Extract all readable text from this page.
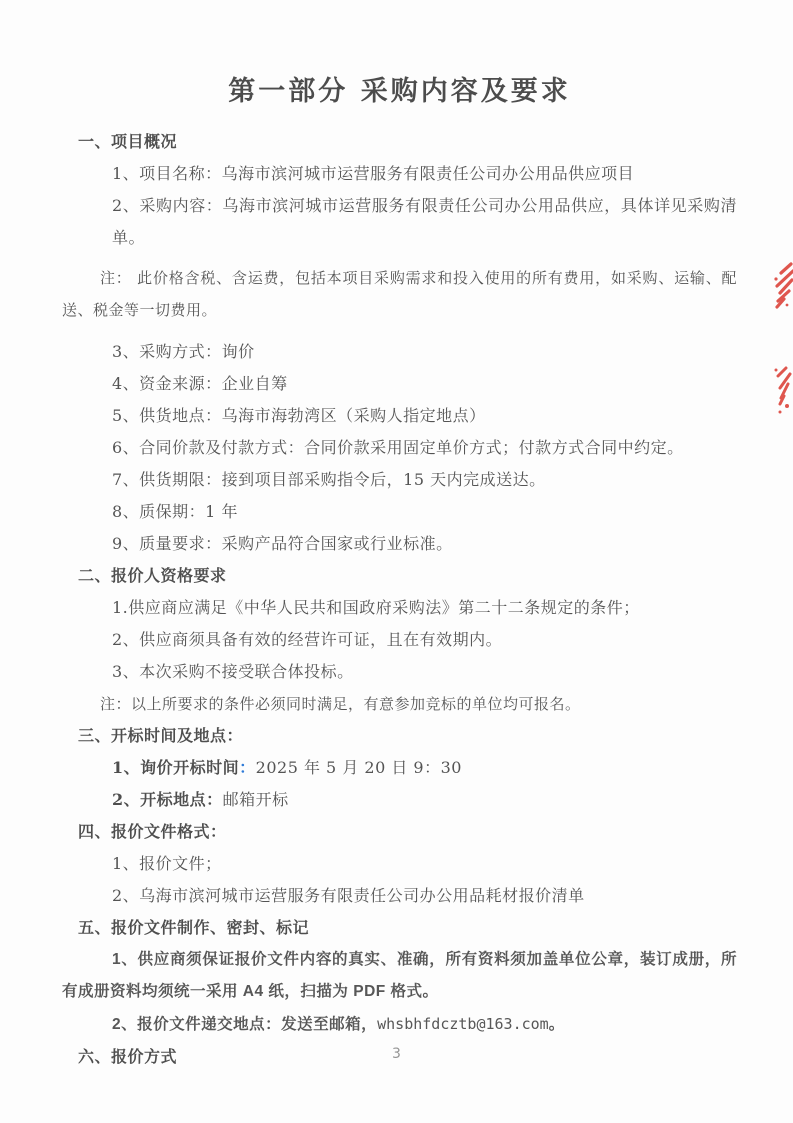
第一部分 采购内容及要求

一、项目概况

1、项目名称：乌海市滨河城市运营服务有限责任公司办公用品供应项目

2、采购内容：乌海市滨河城市运营服务有限责任公司办公用品供应，具体详见采购清单。

注： 此价格含税、含运费，包括本项目采购需求和投入使用的所有费用，如采购、运输、配送、税金等一切费用。

3、采购方式：询价

4、资金来源：企业自筹

5、供货地点：乌海市海勃湾区（采购人指定地点）

6、合同价款及付款方式：合同价款采用固定单价方式；付款方式合同中约定。

7、供货期限：接到项目部采购指令后，15 天内完成送达。

8、质保期：1 年

9、质量要求：采购产品符合国家或行业标准。

二、报价人资格要求

1.供应商应满足《中华人民共和国政府采购法》第二十二条规定的条件；

2、供应商须具备有效的经营许可证，且在有效期内。

3、本次采购不接受联合体投标。

注：以上所要求的条件必须同时满足，有意参加竞标的单位均可报名。

三、开标时间及地点：

1、询价开标时间：2025 年 5 月 20 日 9：30

2、开标地点：邮箱开标

四、报价文件格式：

1、报价文件；

2、乌海市滨河城市运营服务有限责任公司办公用品耗材报价清单

五、报价文件制作、密封、标记

1、供应商须保证报价文件内容的真实、准确，所有资料须加盖单位公章，装订成册，所有成册资料均须统一采用 A4 纸，扫描为 PDF 格式。

2、报价文件递交地点：发送至邮箱，whsbhfdcztb@163.com。

六、报价方式	3
